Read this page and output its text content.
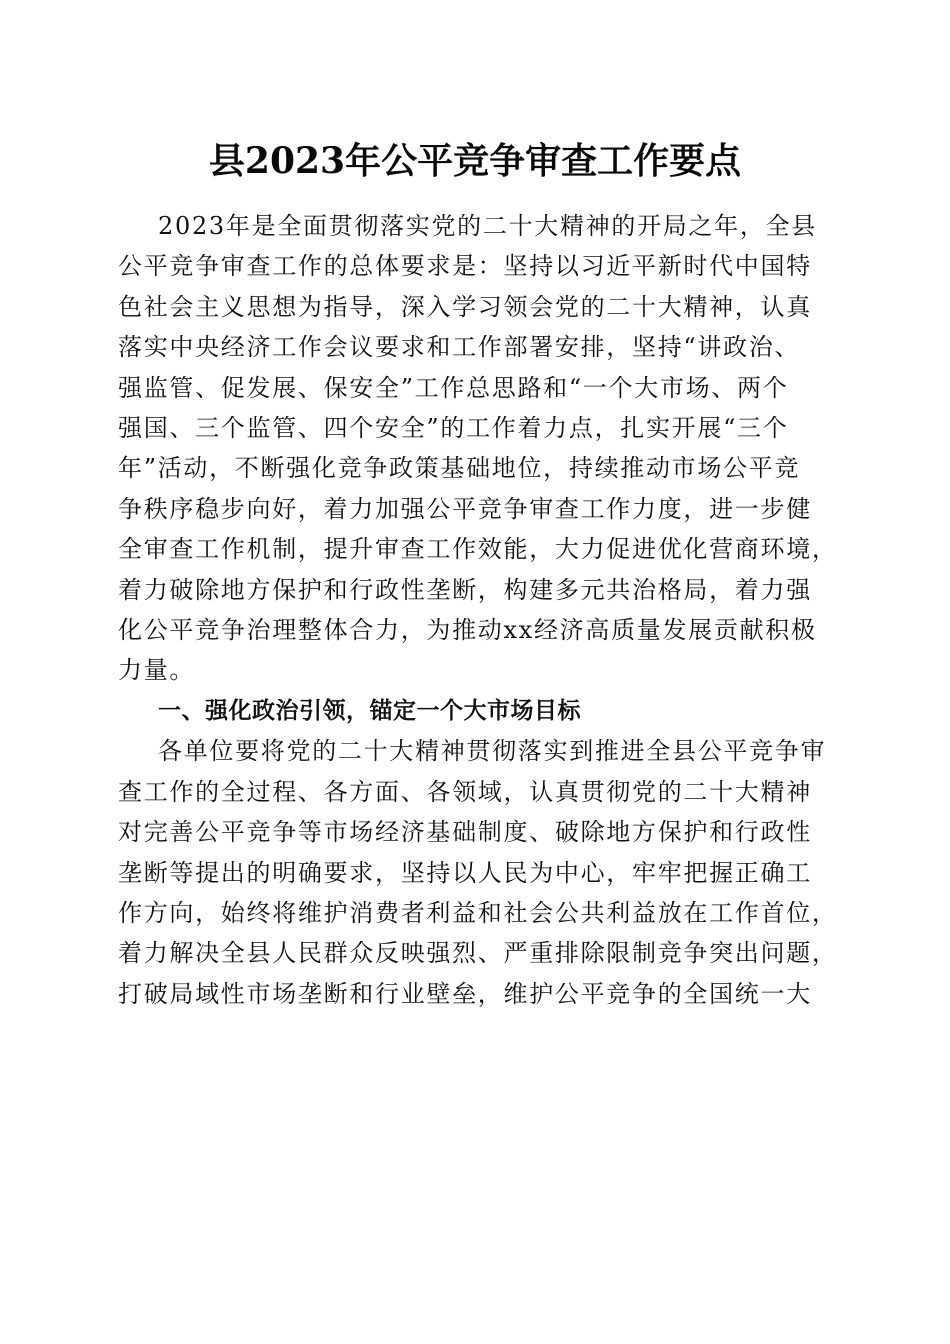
县2023年公平竞争审查工作要点
2023年是全面贯彻落实党的二十大精神的开局之年，全县
公平竞争审查工作的总体要求是：坚持以习近平新时代中国特
色社会主义思想为指导，深入学习领会党的二十大精神，认真
落实中央经济工作会议要求和工作部署安排，坚持“讲政治、
强监管、促发展、保安全”工作总思路和“一个大市场、两个
强国、三个监管、四个安全”的工作着力点，扎实开展“三个
年”活动，不断强化竞争政策基础地位，持续推动市场公平竞
争秩序稳步向好，着力加强公平竞争审查工作力度，进一步健
全审查工作机制，提升审查工作效能，大力促进优化营商环境，
着力破除地方保护和行政性垄断，构建多元共治格局，着力强
化公平竞争治理整体合力，为推动xx经济高质量发展贡献积极
力量。
一、强化政治引领，锚定一个大市场目标
各单位要将党的二十大精神贯彻落实到推进全县公平竞争审
查工作的全过程、各方面、各领域，认真贯彻党的二十大精神
对完善公平竞争等市场经济基础制度、破除地方保护和行政性
垄断等提出的明确要求，坚持以人民为中心，牢牢把握正确工
作方向，始终将维护消费者利益和社会公共利益放在工作首位，
着力解决全县人民群众反映强烈、严重排除限制竞争突出问题，
打破局域性市场垄断和行业壁垒，维护公平竞争的全国统一大
